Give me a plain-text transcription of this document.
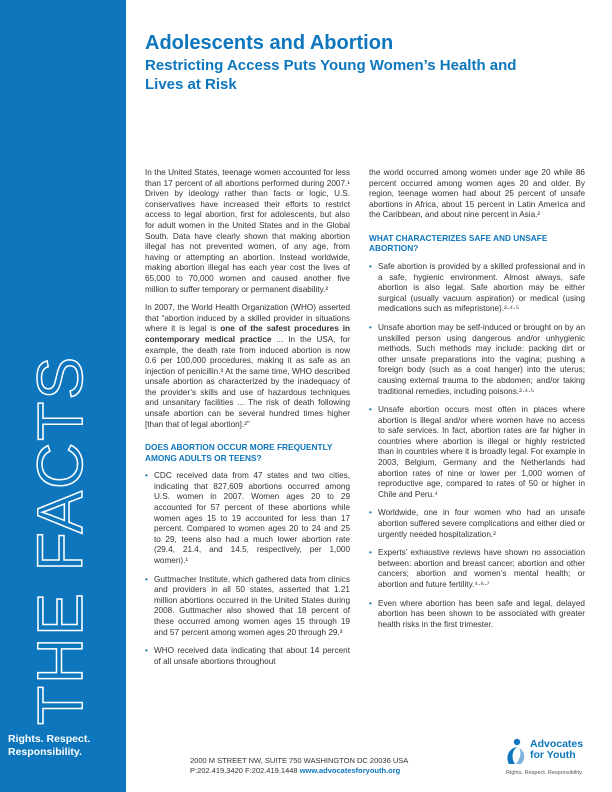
THE FACTS
Rights. Respect.
Responsibility.
Adolescents and Abortion
Restricting Access Puts Young Women’s Health and Lives at Risk

In the United States, teenage women accounted for less than 17 percent of all abortions performed during 2007.¹ Driven by ideology rather than facts or logic, U.S. conservatives have increased their efforts to restrict access to legal abortion, first for adolescents, but also for adult women in the United States and in the Global South. Data have clearly shown that making abortion illegal has not prevented women, of any age, from having or attempting an abortion. Instead worldwide, making abortion illegal has each year cost the lives of 65,000 to 70,000 women and caused another five million to suffer temporary or permanent disability.²

In 2007, the World Health Organization (WHO) asserted that “abortion induced by a skilled provider in situations where it is legal is one of the safest procedures in contemporary medical practice ... In the USA, for example, the death rate from induced abortion is now 0.6 per 100,000 procedures, making it as safe as an injection of penicillin.² At the same time, WHO described unsafe abortion as characterized by the inadequacy of the provider’s skills and use of hazardous techniques and unsanitary facilities ... The risk of death following unsafe abortion can be several hundred times higher [than that of legal abortion].²”

DOES ABORTION OCCUR MORE FREQUENTLY AMONG ADULTS OR TEENS?
• CDC received data from 47 states and two cities, indicating that 827,609 abortions occurred among U.S. women in 2007. Women ages 20 to 29 accounted for 57 percent of these abortions while women ages 15 to 19 accounted for less than 17 percent. Compared to women ages 20 to 24 and 25 to 29, teens also had a much lower abortion rate (29.4, 21.4, and 14.5, respectively, per 1,000 women).¹
• Guttmacher Institute, which gathered data from clinics and providers in all 50 states, asserted that 1.21 million abortions occurred in the United States during 2008. Guttmacher also showed that 18 percent of these occurred among women ages 15 through 19 and 57 percent among women ages 20 through 29.³
• WHO received data indicating that about 14 percent of all unsafe abortions throughout

the world occurred among women under age 20 while 86 percent occurred among women ages 20 and older. By region, teenage women had about 25 percent of unsafe abortions in Africa, about 15 percent in Latin America and the Caribbean, and about nine percent in Asia.²

WHAT CHARACTERIZES SAFE AND UNSAFE ABORTION?
• Safe abortion is provided by a skilled professional and in a safe, hygienic environment. Almost always, safe abortion is also legal. Safe abortion may be either surgical (usually vacuum aspiration) or medical (using medications such as mifepristone).²·⁴·⁵
• Unsafe abortion may be self-induced or brought on by an unskilled person using dangerous and/or unhygienic methods. Such methods may include: packing dirt or other unsafe preparations into the vagina; pushing a foreign body (such as a coat hanger) into the uterus; causing external trauma to the abdomen; and/or taking traditional remedies, including poisons.²·⁴·⁵
• Unsafe abortion occurs most often in places where abortion is illegal and/or where women have no access to safe services. In fact, abortion rates are far higher in countries where abortion is illegal or highly restricted than in countries where it is broadly legal. For example in 2003, Belgium, Germany and the Netherlands had abortion rates of nine or lower per 1,000 women of reproductive age, compared to rates of 50 or higher in Chile and Peru.⁴
• Worldwide, one in four women who had an unsafe abortion suffered severe complications and either died or urgently needed hospitalization.²
• Experts’ exhaustive reviews have shown no association between: abortion and breast cancer; abortion and other cancers; abortion and women’s mental health; or abortion and future fertility.⁴·⁶·⁷
• Even where abortion has been safe and legal, delayed abortion has been shown to be associated with greater health risks in the first trimester.
2000 M STREET NW, SUITE 750 WASHINGTON DC 20036 USA
P:202.419.3420 F:202.419.1448 www.advocatesforyouth.org
Advocates
for Youth
Rights. Respect. Responsibility.
